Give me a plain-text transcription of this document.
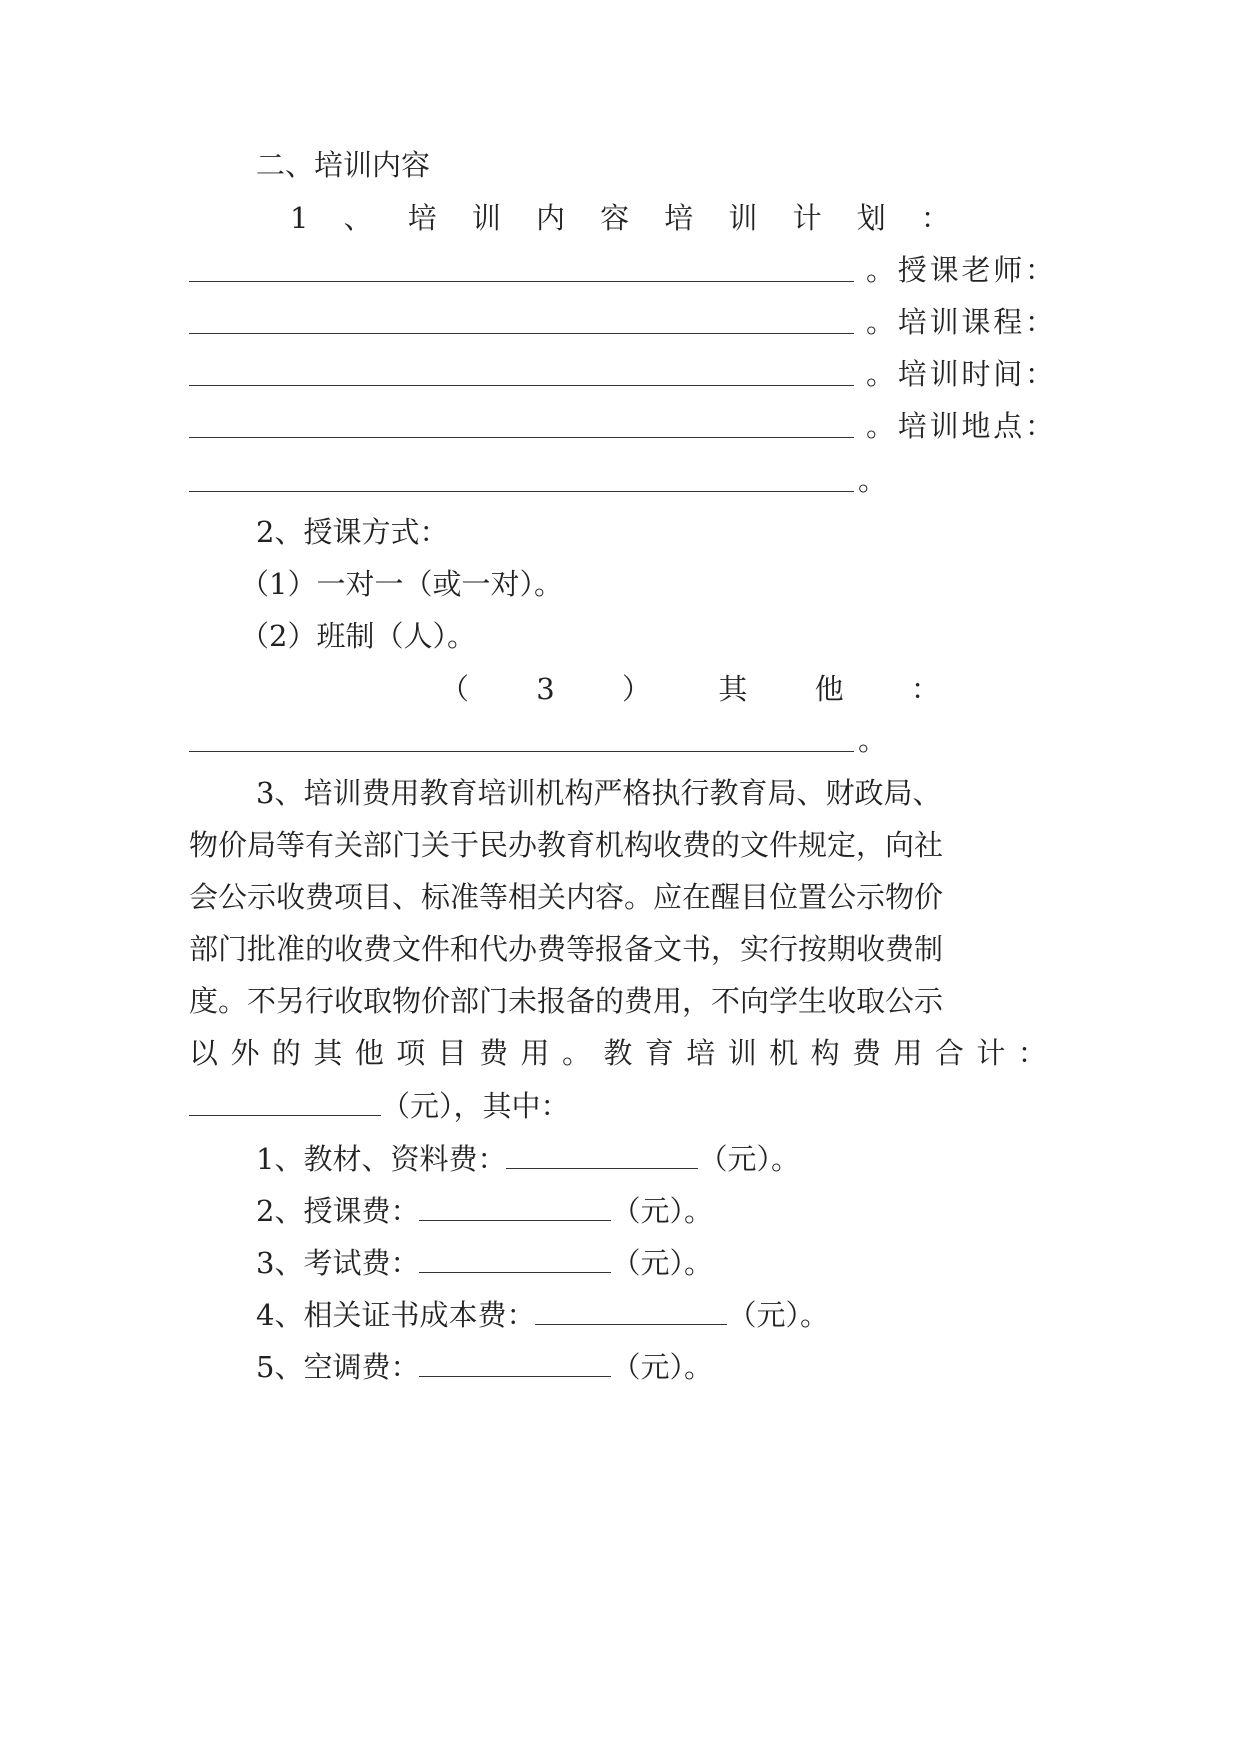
二、培训内容
1 、 培 训 内 容 培 训 计 划 ：
。 授 课 老 师 ：
。 培 训 课 程 ：
。 培 训 时 间 ：
。 培 训 地 点 ：
。
2、授课方式：
（1）一对一（或一对）。
（2）班制（人）。
（ 3 ） 其 他 ：
。
3、培训费用教育培训机构严格执行教育局、财政局、
物价局等有关部门关于民办教育机构收费的文件规定，向社
会公示收费项目、标准等相关内容。应在醒目位置公示物价
部门批准的收费文件和代办费等报备文书，实行按期收费制
度。不另行收取物价部门未报备的费用，不向学生收取公示
以 外 的 其 他 项 目 费 用 。 教 育 培 训 机 构 费 用 合 计 ：
（元），其中：
1、教材、资料费：	（元）。
2、授课费：	（元）。
3、考试费：	（元）。
4、相关证书成本费：	（元）。
5、空调费：	（元）。
